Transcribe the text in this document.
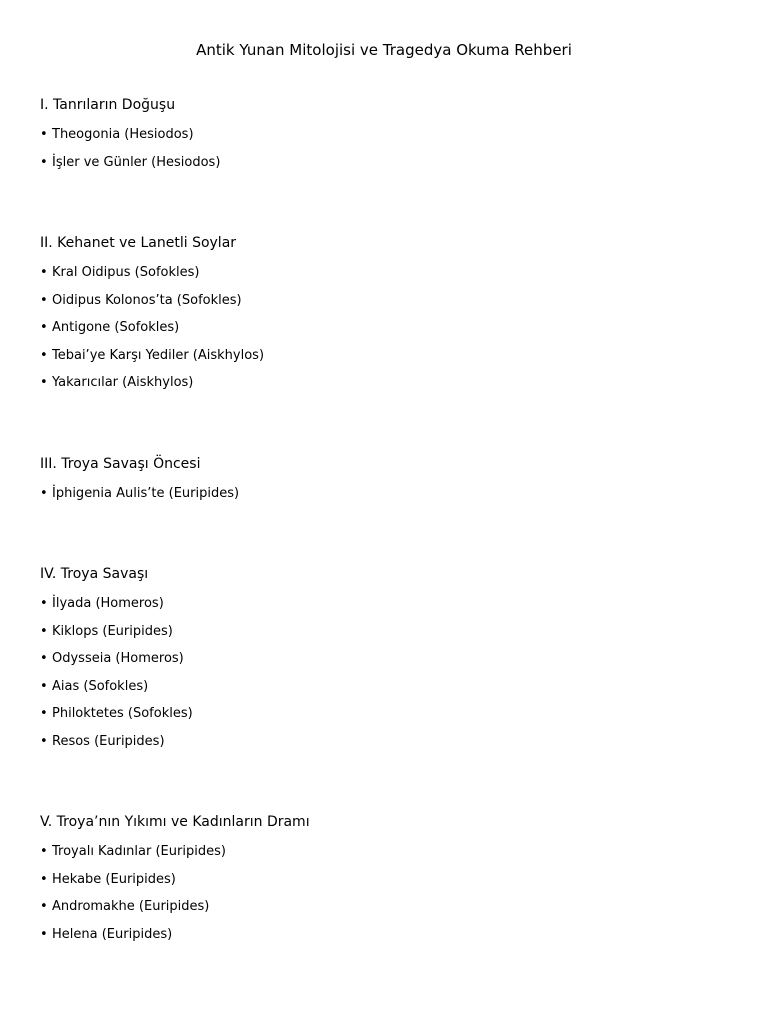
Antik Yunan Mitolojisi ve Tragedya Okuma Rehberi
I. Tanrıların Doğuşu
• Theogonia (Hesiodos)
• İşler ve Günler (Hesiodos)
II. Kehanet ve Lanetli Soylar
• Kral Oidipus (Sofokles)
• Oidipus Kolonos’ta (Sofokles)
• Antigone (Sofokles)
• Tebai’ye Karşı Yediler (Aiskhylos)
• Yakarıcılar (Aiskhylos)
III. Troya Savaşı Öncesi
• İphigenia Aulis’te (Euripides)
IV. Troya Savaşı
• İlyada (Homeros)
• Kiklops (Euripides)
• Odysseia (Homeros)
• Aias (Sofokles)
• Philoktetes (Sofokles)
• Resos (Euripides)
V. Troya’nın Yıkımı ve Kadınların Dramı
• Troyalı Kadınlar (Euripides)
• Hekabe (Euripides)
• Andromakhe (Euripides)
• Helena (Euripides)
